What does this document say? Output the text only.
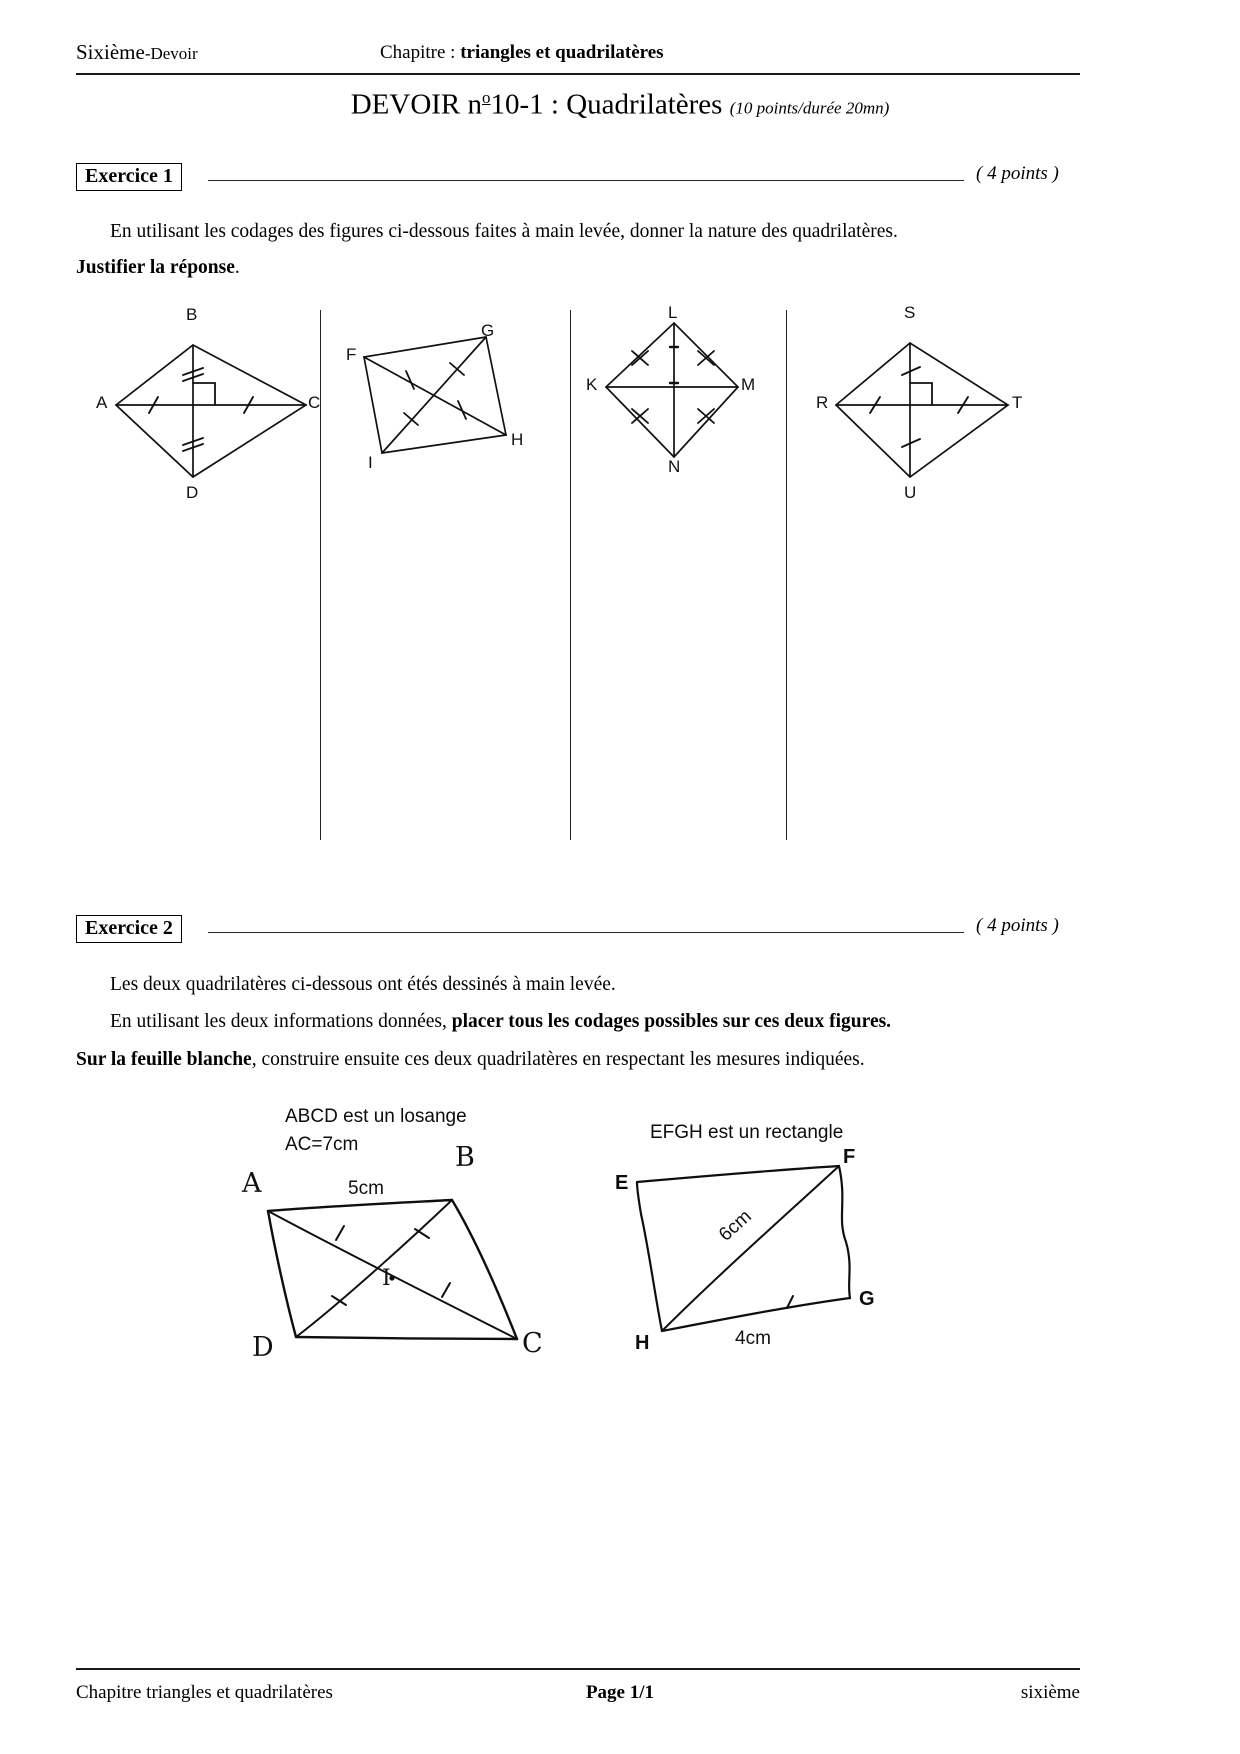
Sixième-Devoir	Chapitre : triangles et quadrilatères
DEVOIR $n^o10-1$ : Quadrilatères (10 points/durée 20mn)
Exercice 1	( 4 points )
En utilisant les codages des figures ci-dessous faites à main levée, donner la nature des quadrilatères.
Justifier la réponse.
B
A	C
D
F
G
H
I
L
K	M
N
S
R	T
U
Exercice 2	( 4 points )
Les deux quadrilatères ci-dessous ont étés dessinés à main levée.
En utilisant les deux informations données, placer tous les codages possibles sur ces deux figures.
Sur la feuille blanche, construire ensuite ces deux quadrilatères en respectant les mesures indiquées.
ABCD est un losange
AC=7cm
5cm
A
B
C
D
I
EFGH est un rectangle
E
F
G
H
6cm
4cm
Chapitre triangles et quadrilatères	Page 1/1	sixième
